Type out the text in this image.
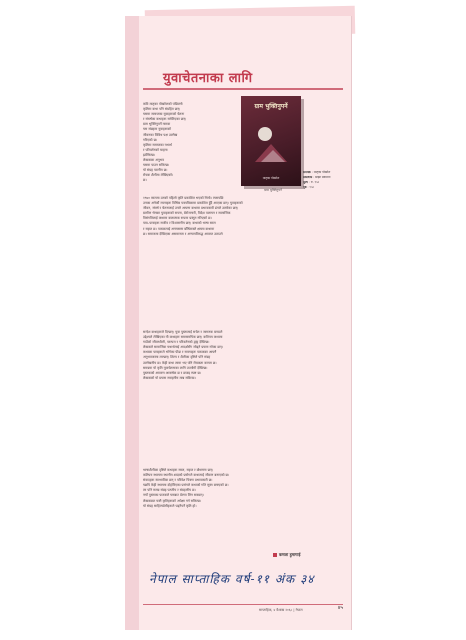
युवाचेतनाका लागि
कवि मातृका पोखरेलको पछिल्लो
कृतिमा कथा पनि संग्रहित छन्।
यसमा समाजका युवाहरूको चेतना
र संघर्षका कथाहरू समेटिएका छन्।
ग्राम भुक्तिनुपर्ने नामक
यस संग्रहमा युवाहरूको
जीवनका विविध पक्ष उल्लेख
गरिएको छ।
कृतिमा समाजका यथार्थ
र परिवर्तनको चाहना
झल्किन्छ।
लेखकका अनुभव
यसमा पाउन सकिन्छ।
यो संग्रह पठनीय छ।
रोचक शैलीमा लेखिएको।
छ।
ग्राम भुक्तिनुपर्ने
मातृका पोखरेल
ग्राम भुक्तिनुपर्ने
समयक : मातृका पोखरेल
प्रकाशक : साझा प्रकाशन
मूल्य : रु. १५०
पृष्ठ : १५०
१९७० सालमा उनको पहिलो कृति प्रकाशित भएको थियो। त्यसपछि
उनका अनेकौं रचनाहरू विभिन्न पत्रपत्रिकामा प्रकाशित हुँदै आएका छन्। युवाहरूको
जीवन, संघर्ष र चेतनालाई उनले आफ्ना कथामा प्रभावकारी ढंगले उतारेका छन्।
ग्रामीण भेगका युवाहरूको सपना, बेरोजगारी, विदेश पलायन र सामाजिक
विसंगतिलाई कथामा कलात्मक रूपमा प्रस्तुत गरिएको छ।
पात्र–पात्राहरू सजीव र विश्वसनीय छन्। कथाको भाषा सरल
र सहज छ। पाठकलाई अन्त्यसम्म बाँधिराख्ने क्षमता कथामा
छ। समाजमा देखिएका असमानता र अन्यायविरुद्ध आवाज उठाउने
सन्देश कथाहरूले दिन्छन्। युवा पुस्तालाई सचेत र जागरुक बनाउने
उद्देश्यले लेखिएका यी कथाहरू समसामयिक छन्। कतिपय कथामा
गाउँको जीवनशैली, परम्परा र परिवर्तनको द्वन्द्व देखिन्छ।
लेखकले सामाजिक यथार्थलाई आदर्शसँग जोड्ने प्रयास गरेका छन्।
कथाका पात्रहरूले भोगेका पीडा र सपनाहरू पाठकका आफ्नै
अनुभवजस्ता लाग्छन्। शिल्प र शैलीका दृष्टिले पनि संग्रह
उल्लेखनीय छ। केही कथा लामा भए पनि रोचकता कायम छ।
समग्रमा यो कृति युवाचेतनाका लागि उपयोगी देखिन्छ।
पुस्तकको आवरण आकर्षक छ र छपाइ स्पष्ट छ।
लेखकको यो प्रयास सराहनीय मान्न सकिन्छ।
भाषाशैलीका दृष्टिले कथाहरू सरल, सहज र बोधगम्य छन्।
कतिपय स्थानमा स्थानीय शब्दको प्रयोगले कथालाई जीवन्त बनाएको छ।
संवादहरू स्वाभाविक छन् र परिवेश चित्रण प्रभावकारी छ।
यद्यपि केही स्थानमा दोहोरिएका प्रसंगले कथाको गति सुस्त बनाएको छ।
तर पनि समग्र संग्रह पठनीय र संग्रहणीय छ।
नयाँ पुस्ताका पाठकले यसबाट प्रेरणा लिन सक्छन्।
लेखकबाट यस्तै कृतिहरूको अपेक्षा गर्न सकिन्छ।
यो संग्रह साहित्यप्रेमीहरूले पढ्नैपर्ने कृति हो।
कमला हुमागाई
नेपाल साप्ताहिक वर्ष-११ अंक ३४
साप्ताहिक, ४ वैशाख २०६८ | नेपाल	४५
